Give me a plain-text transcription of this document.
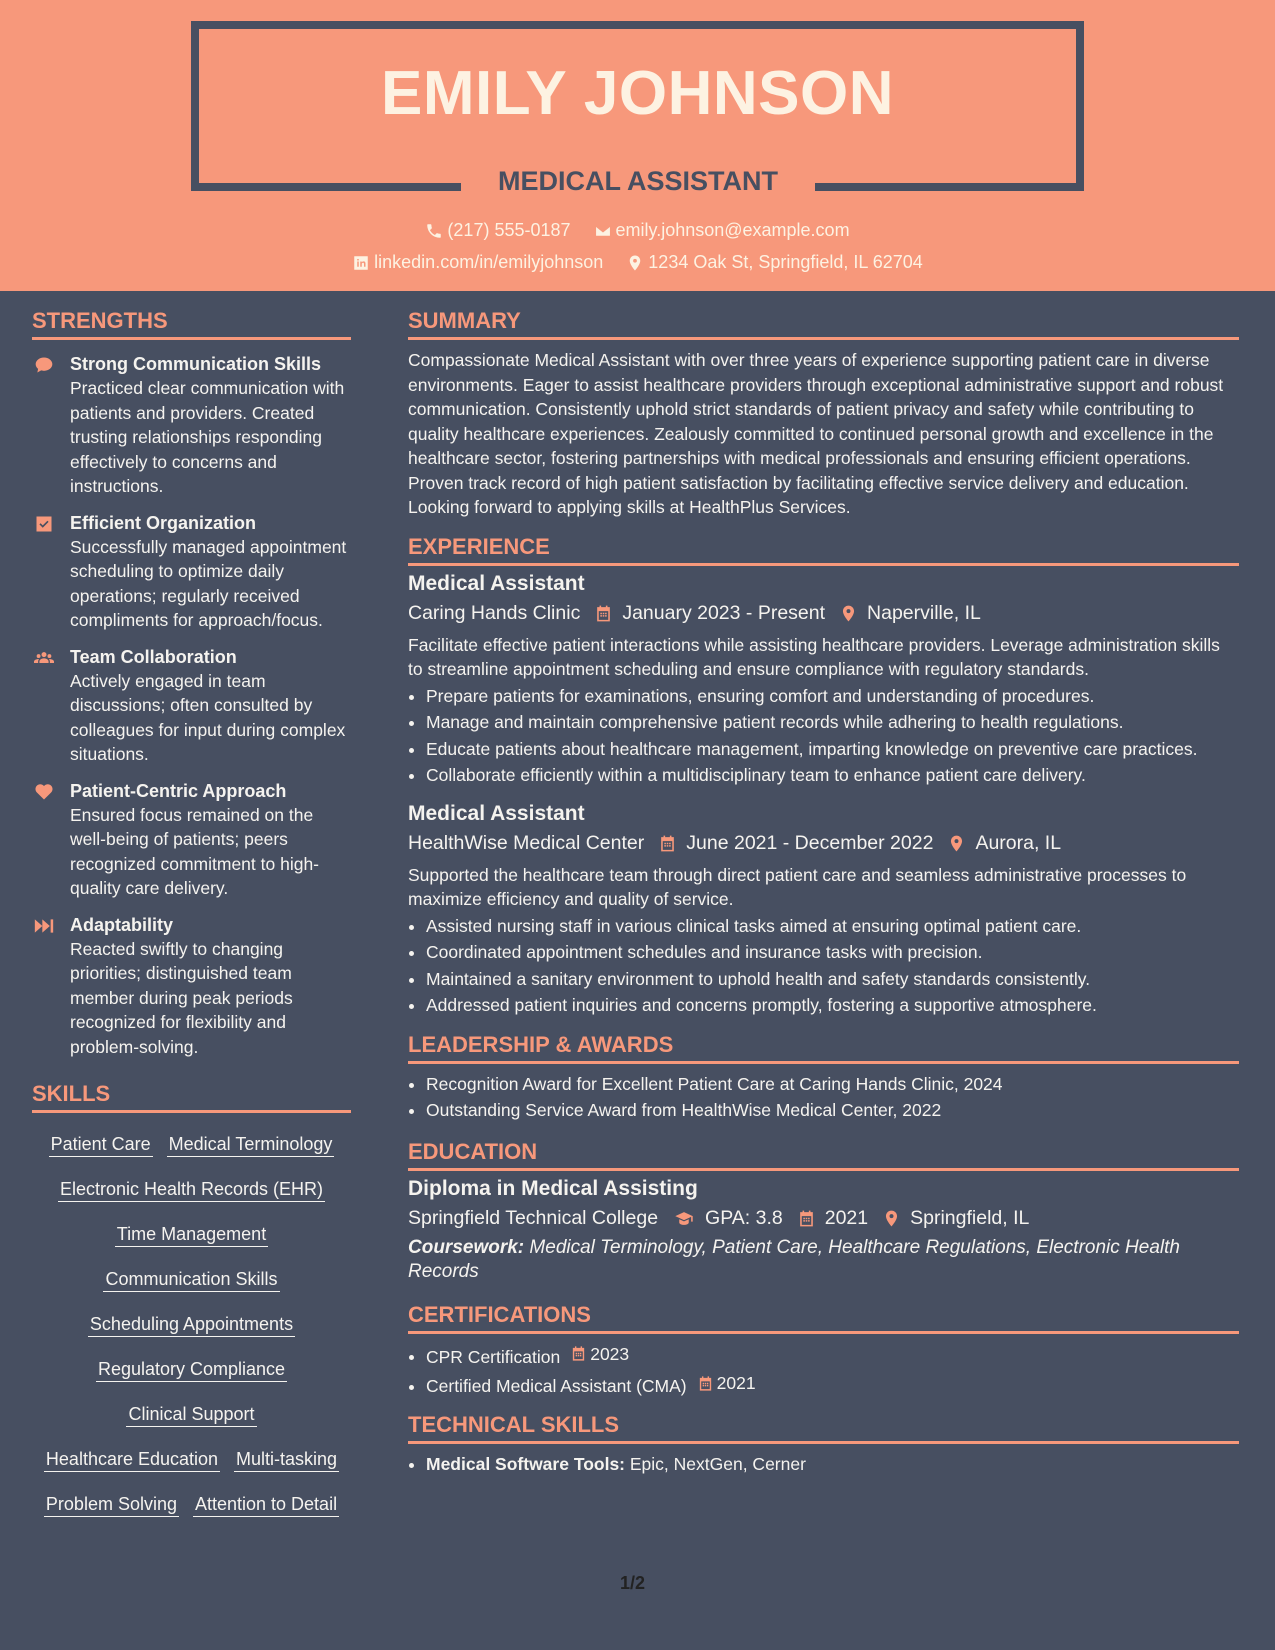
EMILY JOHNSON
MEDICAL ASSISTANT
(217) 555-0187
	emily.johnson@example.com
linkedin.com/in/emilyjohnson
	1234 Oak St, Springfield, IL 62704
STRENGTHS
Strong Communication Skills
Practiced clear communication with patients and providers. Created trusting relationships responding effectively to concerns and instructions.
Efficient Organization
Successfully managed appointment scheduling to optimize daily operations; regularly received compliments for approach/focus.
Team Collaboration
Actively engaged in team discussions; often consulted by colleagues for input during complex situations.
Patient-Centric Approach
Ensured focus remained on the well-being of patients; peers recognized commitment to high-quality care delivery.
Adaptability
Reacted swiftly to changing priorities; distinguished team member during peak periods recognized for flexibility and problem-solving.
SKILLS
Patient Care Medical Terminology
Electronic Health Records (EHR)
Time Management
Communication Skills
Scheduling Appointments
Regulatory Compliance
Clinical Support
Healthcare Education Multi-tasking
Problem Solving Attention to Detail
SUMMARY
Compassionate Medical Assistant with over three years of experience supporting patient care in diverse environments. Eager to assist healthcare providers through exceptional administrative support and robust communication. Consistently uphold strict standards of patient privacy and safety while contributing to quality healthcare experiences. Zealously committed to continued personal growth and excellence in the healthcare sector, fostering partnerships with medical professionals and ensuring efficient operations. Proven track record of high patient satisfaction by facilitating effective service delivery and education. Looking forward to applying skills at HealthPlus Services.
EXPERIENCE
Medical Assistant
Caring Hands Clinic January 2023 - Present Naperville, IL
Facilitate effective patient interactions while assisting healthcare providers. Leverage administration skills to streamline appointment scheduling and ensure compliance with regulatory standards.
• Prepare patients for examinations, ensuring comfort and understanding of procedures.
• Manage and maintain comprehensive patient records while adhering to health regulations.
• Educate patients about healthcare management, imparting knowledge on preventive care practices.
• Collaborate efficiently within a multidisciplinary team to enhance patient care delivery.
Medical Assistant
HealthWise Medical Center June 2021 - December 2022 Aurora, IL
Supported the healthcare team through direct patient care and seamless administrative processes to maximize efficiency and quality of service.
• Assisted nursing staff in various clinical tasks aimed at ensuring optimal patient care.
• Coordinated appointment schedules and insurance tasks with precision.
• Maintained a sanitary environment to uphold health and safety standards consistently.
• Addressed patient inquiries and concerns promptly, fostering a supportive atmosphere.
LEADERSHIP & AWARDS
• Recognition Award for Excellent Patient Care at Caring Hands Clinic, 2024
• Outstanding Service Award from HealthWise Medical Center, 2022
EDUCATION
Diploma in Medical Assisting
Springfield Technical College GPA: 3.8 2021 Springfield, IL
Coursework: Medical Terminology, Patient Care, Healthcare Regulations, Electronic Health Records
CERTIFICATIONS
• CPR Certification 2023
• Certified Medical Assistant (CMA) 2021
TECHNICAL SKILLS
• Medical Software Tools: Epic, NextGen, Cerner
1/2
